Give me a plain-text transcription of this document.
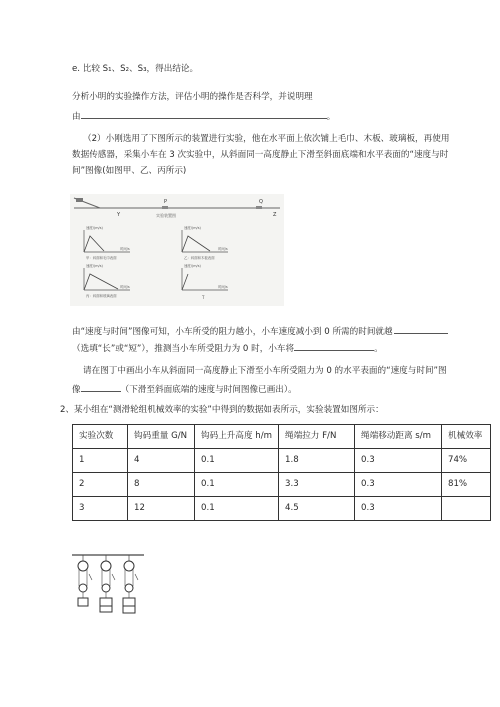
e. 比较 S₁、S₂、S₃，得出结论。
分析小明的实验操作方法，评估小明的操作是否科学，并说明理
由	。
（2）小刚选用了下图所示的装置进行实验，他在水平面上依次铺上毛巾、木板、玻璃板，再使用
数据传感器，采集小车在 3 次实验中，从斜面同一高度静止下滑至斜面底端和水平表面的“速度与时
间”图像(如图甲、乙、丙所示)
P	Q
Y	Z
实验装置图
速度/(m/s)
时间/s
甲：斜面和毛巾表面
速度/(m/s)
时间/s
乙：斜面和木板表面
速度/(m/s)
时间/s
丙：斜面和玻璃表面
速度/(m/s)
时间/s
T
由“速度与时间”图像可知，小车所受的阻力越小，小车速度减小到 0 所需的时间就越
（选填“长”或“短”），推测当小车所受阻力为 0 时，小车将	。
请在图丁中画出小车从斜面同一高度静止下滑至小车所受阻力为 0 的水平表面的“速度与时间”图
像	（下滑至斜面底端的速度与时间图像已画出）。
2、某小组在“测滑轮组机械效率的实验”中得到的数据如表所示，实验装置如图所示：
实验次数	钩码重量 G/N	钩码上升高度 h/m	绳端拉力 F/N	绳端移动距离 s/m	机械效率
1	4	0.1	1.8	0.3	74%
2	8	0.1	3.3	0.3	81%
3	12	0.1	4.5	0.3	
